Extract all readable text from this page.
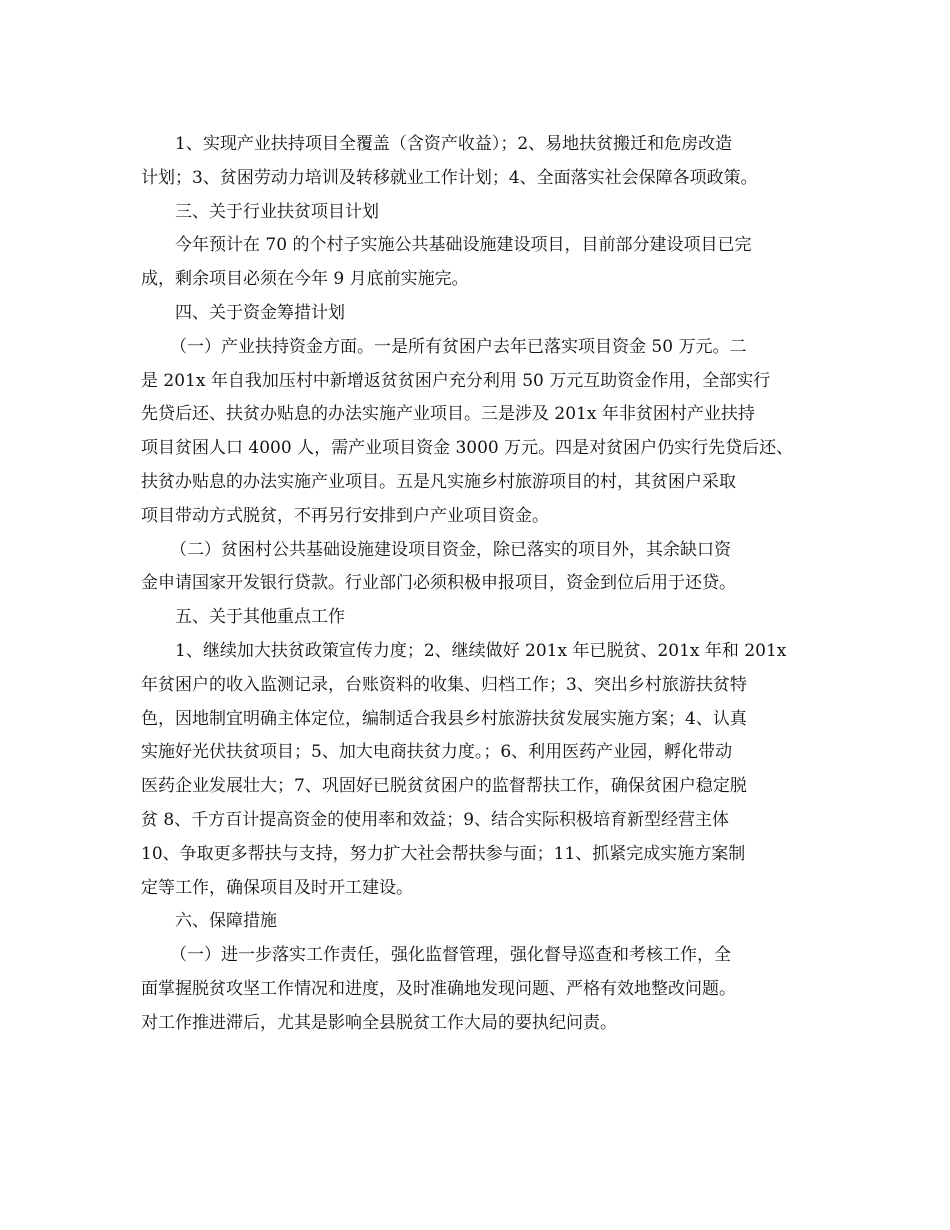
1、实现产业扶持项目全覆盖（含资产收益）；2、易地扶贫搬迁和危房改造
计划；3、贫困劳动力培训及转移就业工作计划；4、全面落实社会保障各项政策。
三、关于行业扶贫项目计划
今年预计在 70 的个村子实施公共基础设施建设项目，目前部分建设项目已完
成，剩余项目必须在今年 9 月底前实施完。
四、关于资金筹措计划
（一）产业扶持资金方面。一是所有贫困户去年已落实项目资金 50 万元。二
是 201x 年自我加压村中新增返贫贫困户充分利用 50 万元互助资金作用，全部实行
先贷后还、扶贫办贴息的办法实施产业项目。三是涉及 201x 年非贫困村产业扶持
项目贫困人口 4000 人，需产业项目资金 3000 万元。四是对贫困户仍实行先贷后还、
扶贫办贴息的办法实施产业项目。五是凡实施乡村旅游项目的村，其贫困户采取
项目带动方式脱贫，不再另行安排到户产业项目资金。
（二）贫困村公共基础设施建设项目资金，除已落实的项目外，其余缺口资
金申请国家开发银行贷款。行业部门必须积极申报项目，资金到位后用于还贷。
五、关于其他重点工作
1、继续加大扶贫政策宣传力度；2、继续做好 201x 年已脱贫、201x 年和 201x
年贫困户的收入监测记录，台账资料的收集、归档工作；3、突出乡村旅游扶贫特
色，因地制宜明确主体定位，编制适合我县乡村旅游扶贫发展实施方案；4、认真
实施好光伏扶贫项目；5、加大电商扶贫力度。；6、利用医药产业园，孵化带动
医药企业发展壮大；7、巩固好已脱贫贫困户的监督帮扶工作，确保贫困户稳定脱
贫 8、千方百计提高资金的使用率和效益；9、结合实际积极培育新型经营主体
10、争取更多帮扶与支持，努力扩大社会帮扶参与面；11、抓紧完成实施方案制
定等工作，确保项目及时开工建设。
六、保障措施
（一）进一步落实工作责任，强化监督管理，强化督导巡查和考核工作，全
面掌握脱贫攻坚工作情况和进度，及时准确地发现问题、严格有效地整改问题。
对工作推进滞后，尤其是影响全县脱贫工作大局的要执纪问责。
